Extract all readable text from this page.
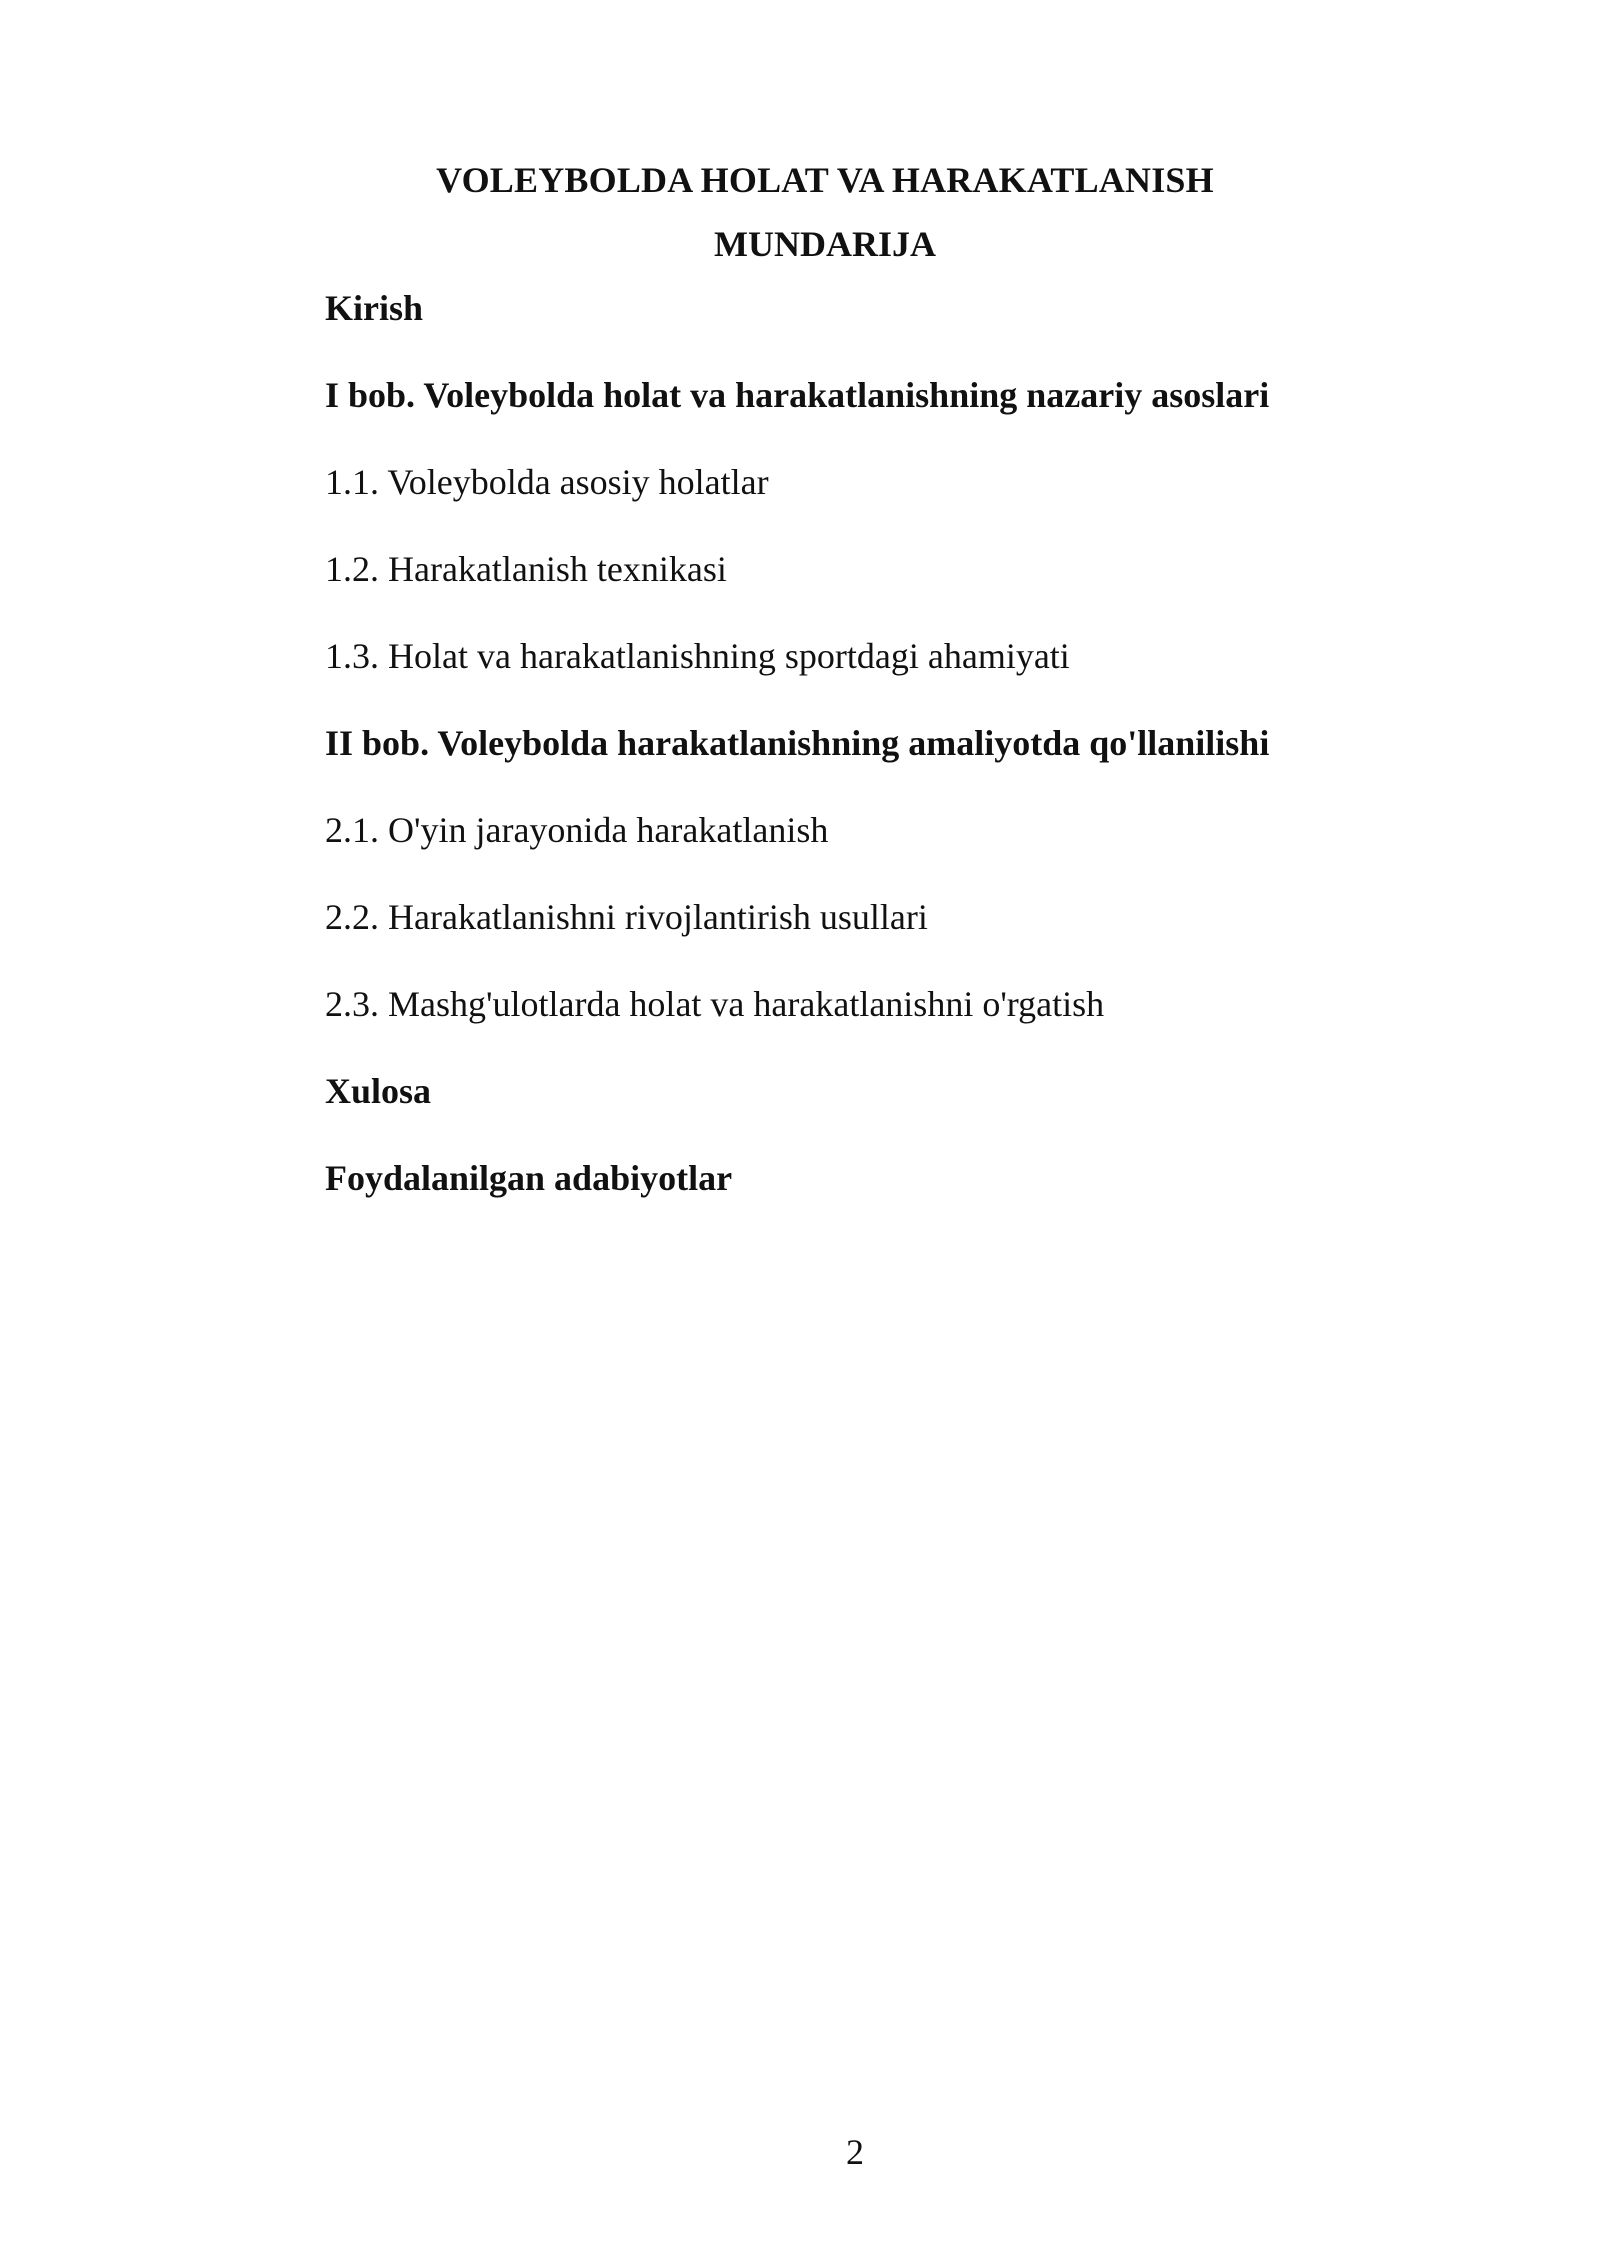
VOLEYBOLDA HOLAT VA HARAKATLANISH
MUNDARIJA
Kirish
I bob. Voleybolda holat va harakatlanishning nazariy asoslari
1.1. Voleybolda asosiy holatlar
1.2. Harakatlanish texnikasi
1.3. Holat va harakatlanishning sportdagi ahamiyati
II bob. Voleybolda harakatlanishning amaliyotda qo'llanilishi
2.1. O'yin jarayonida harakatlanish
2.2. Harakatlanishni rivojlantirish usullari
2.3. Mashg'ulotlarda holat va harakatlanishni o'rgatish
Xulosa
Foydalanilgan adabiyotlar
2
